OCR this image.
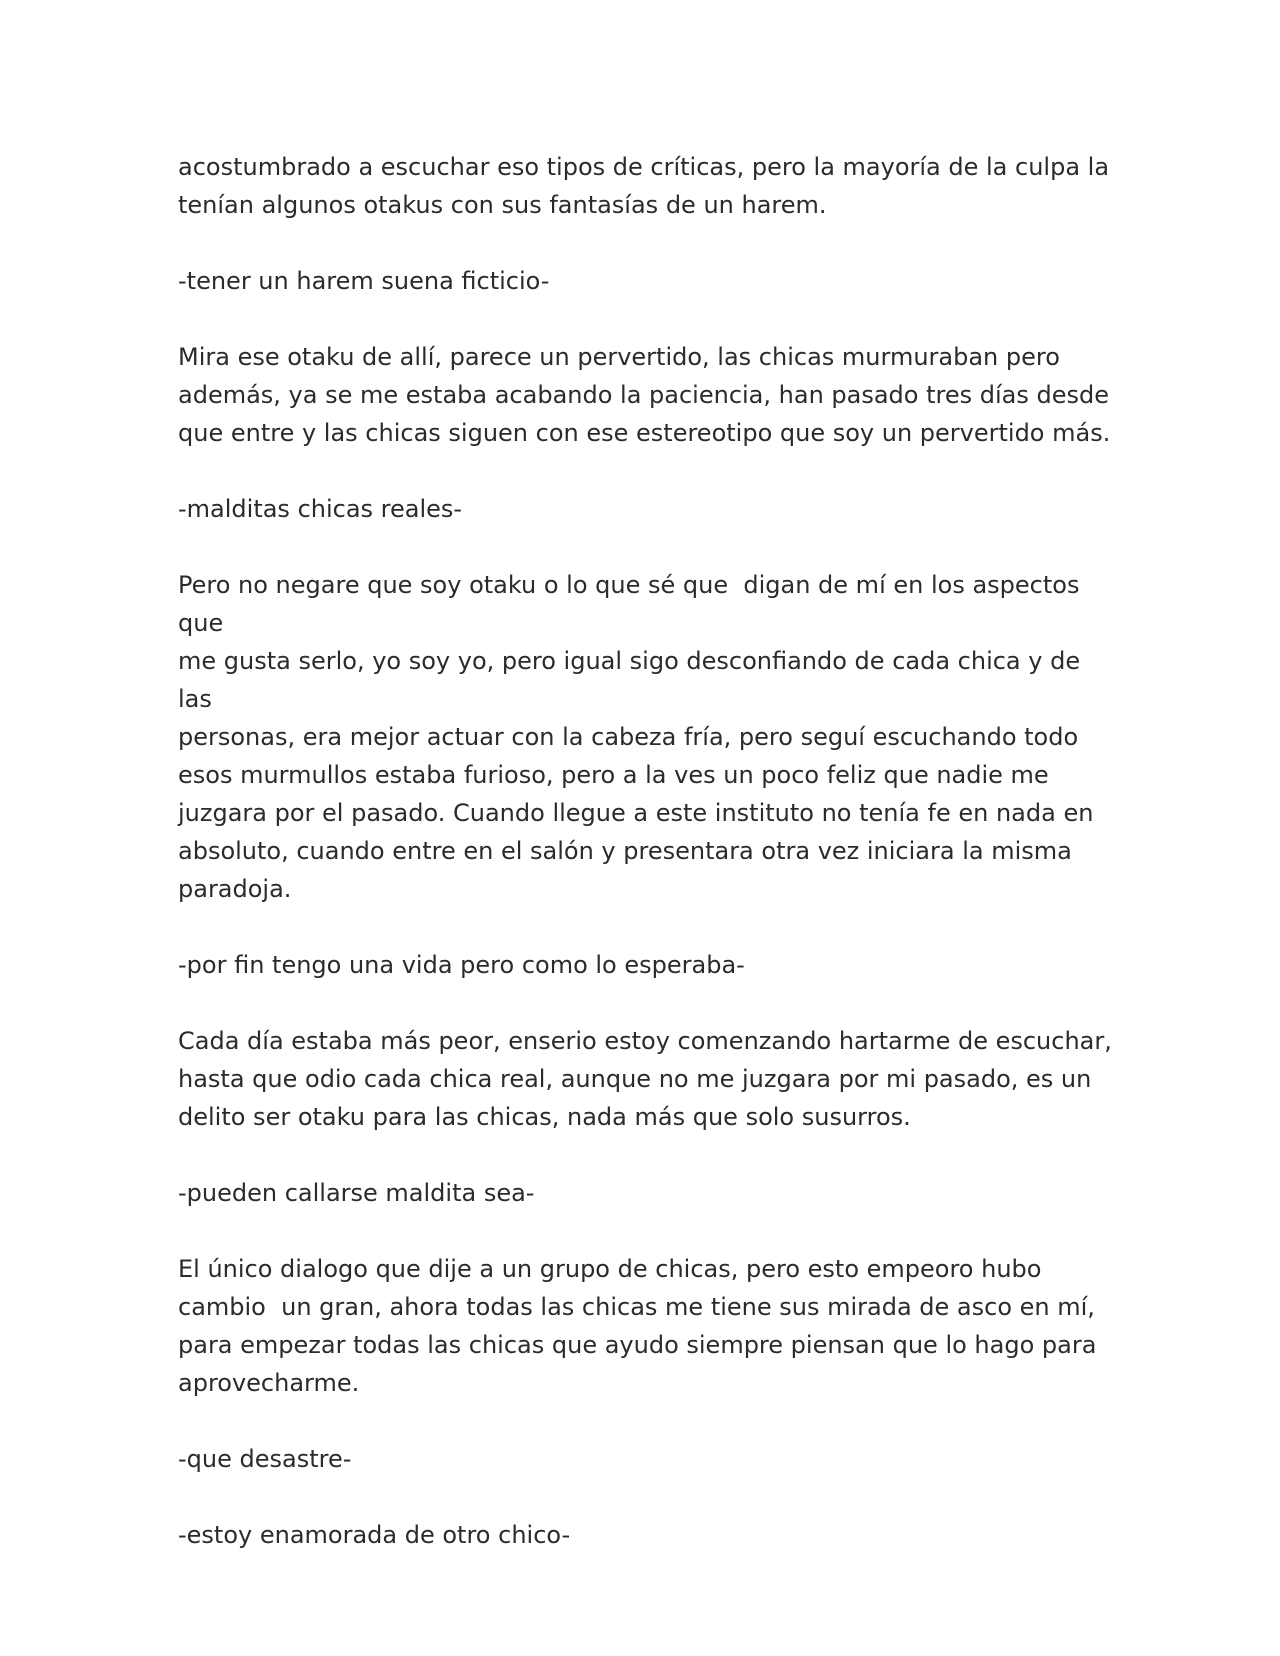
acostumbrado a escuchar eso tipos de críticas, pero la mayoría de la culpa la
tenían algunos otakus con sus fantasías de un harem.

-tener un harem suena ficticio-

Mira ese otaku de allí, parece un pervertido, las chicas murmuraban pero
además, ya se me estaba acabando la paciencia, han pasado tres días desde
que entre y las chicas siguen con ese estereotipo que soy un pervertido más.

-malditas chicas reales-

Pero no negare que soy otaku o lo que sé que  digan de mí en los aspectos que
me gusta serlo, yo soy yo, pero igual sigo desconfiando de cada chica y de las
personas, era mejor actuar con la cabeza fría, pero seguí escuchando todo
esos murmullos estaba furioso, pero a la ves un poco feliz que nadie me
juzgara por el pasado. Cuando llegue a este instituto no tenía fe en nada en
absoluto, cuando entre en el salón y presentara otra vez iniciara la misma
paradoja.

-por fin tengo una vida pero como lo esperaba-

Cada día estaba más peor, enserio estoy comenzando hartarme de escuchar,
hasta que odio cada chica real, aunque no me juzgara por mi pasado, es un
delito ser otaku para las chicas, nada más que solo susurros.

-pueden callarse maldita sea-

El único dialogo que dije a un grupo de chicas, pero esto empeoro hubo
cambio  un gran, ahora todas las chicas me tiene sus mirada de asco en mí,
para empezar todas las chicas que ayudo siempre piensan que lo hago para
aprovecharme.

-que desastre-

-estoy enamorada de otro chico-
